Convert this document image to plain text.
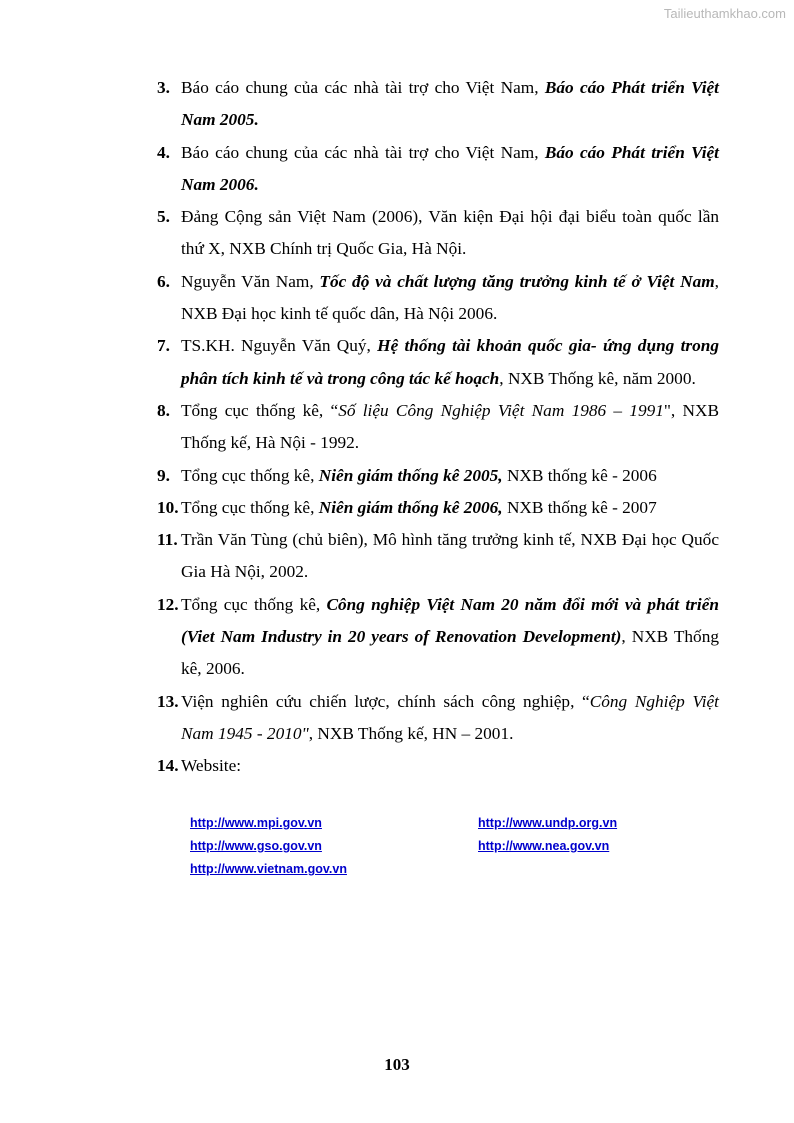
Tailieuthamkhao.com
3. Báo cáo chung của các nhà tài trợ cho Việt Nam, Báo cáo Phát triển Việt Nam 2005.
4. Báo cáo chung của các nhà tài trợ cho Việt Nam, Báo cáo Phát triển Việt Nam 2006.
5. Đảng Cộng sản Việt Nam (2006), Văn kiện Đại hội đại biểu toàn quốc lần thứ X, NXB Chính trị Quốc Gia, Hà Nội.
6. Nguyễn Văn Nam, Tốc độ và chất lượng tăng trưởng kinh tế ở Việt Nam, NXB Đại học kinh tế quốc dân, Hà Nội 2006.
7. TS.KH. Nguyễn Văn Quý, Hệ thống tài khoản quốc gia- ứng dụng trong phân tích kinh tế và trong công tác kế hoạch, NXB Thống kê, năm 2000.
8. Tổng cục thống kê, “Số liệu Công Nghiệp Việt Nam 1986 – 1991", NXB Thống kế, Hà Nội - 1992.
9. Tổng cục thống kê, Niên giám thống kê 2005, NXB thống kê - 2006
10. Tổng cục thống kê, Niên giám thống kê 2006, NXB thống kê - 2007
11. Trần Văn Tùng (chủ biên), Mô hình tăng trưởng kinh tế, NXB Đại học Quốc Gia Hà Nội, 2002.
12. Tổng cục thống kê, Công nghiệp Việt Nam 20 năm đổi mới và phát triển (Viet Nam Industry in 20 years of Renovation Development), NXB Thống kê, 2006.
13. Viện nghiên cứu chiến lược, chính sách công nghiệp, “Công Nghiệp Việt Nam 1945 - 2010", NXB Thống kế, HN – 2001.
14. Website:
http://www.mpi.gov.vn	http://www.undp.org.vn
http://www.gso.gov.vn	http://www.nea.gov.vn
http://www.vietnam.gov.vn
103
